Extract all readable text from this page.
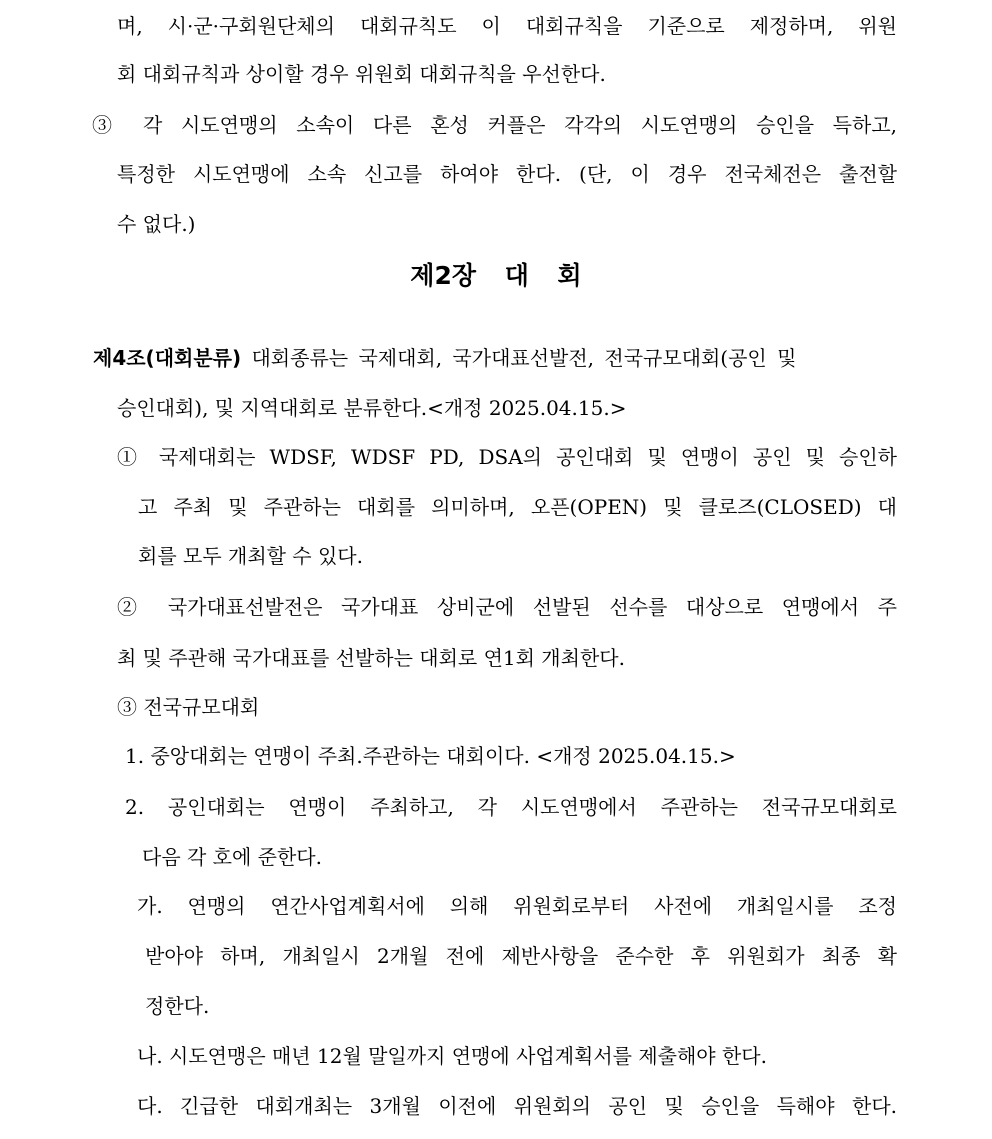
며, 시·군·구회원단체의 대회규칙도 이 대회규칙을 기준으로 제정하며, 위원
회 대회규칙과 상이할 경우 위원회 대회규칙을 우선한다.
③ 각 시도연맹의 소속이 다른 혼성 커플은 각각의 시도연맹의 승인을 득하고,
특정한 시도연맹에 소속 신고를 하여야 한다. (단, 이 경우 전국체전은 출전할
수 없다.)
제2장 대 회
제4조(대회분류) 대회종류는 국제대회, 국가대표선발전, 전국규모대회(공인 및
승인대회), 및 지역대회로 분류한다.<개정 2025.04.15.>
① 국제대회는 WDSF, WDSF PD, DSA의 공인대회 및 연맹이 공인 및 승인하
고 주최 및 주관하는 대회를 의미하며, 오픈(OPEN) 및 클로즈(CLOSED) 대
회를 모두 개최할 수 있다.
② 국가대표선발전은 국가대표 상비군에 선발된 선수를 대상으로 연맹에서 주
최 및 주관해 국가대표를 선발하는 대회로 연1회 개최한다.
③ 전국규모대회
1. 중앙대회는 연맹이 주최.주관하는 대회이다. <개정 2025.04.15.>
2. 공인대회는 연맹이 주최하고, 각 시도연맹에서 주관하는 전국규모대회로
다음 각 호에 준한다.
가. 연맹의 연간사업계획서에 의해 위원회로부터 사전에 개최일시를 조정
받아야 하며, 개최일시 2개월 전에 제반사항을 준수한 후 위원회가 최종 확
정한다.
나. 시도연맹은 매년 12월 말일까지 연맹에 사업계획서를 제출해야 한다.
다. 긴급한 대회개최는 3개월 이전에 위원회의 공인 및 승인을 득해야 한다.
